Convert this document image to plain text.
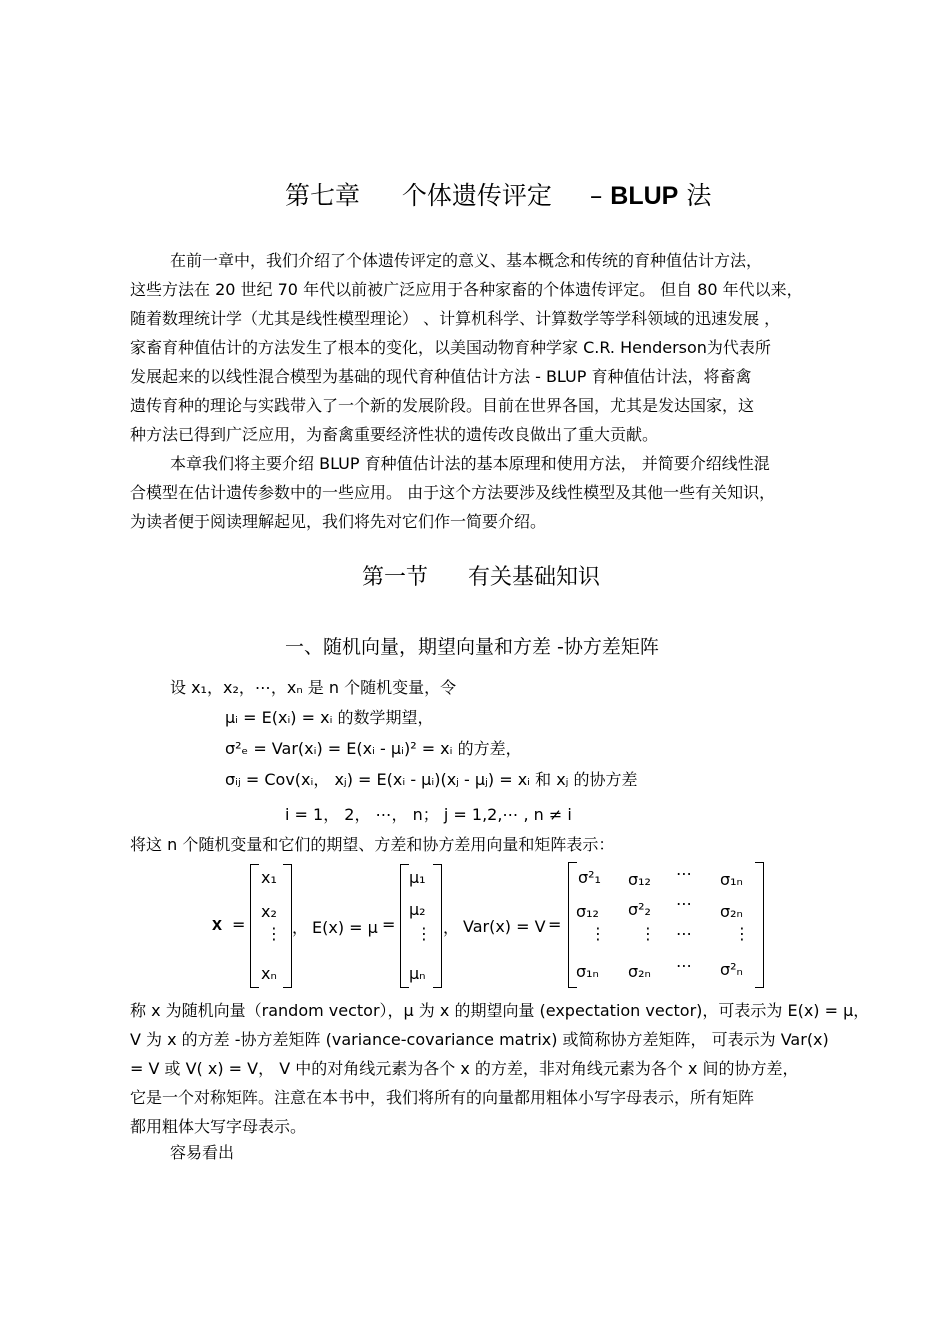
第七章 个体遗传评定 – BLUP 法
在前一章中，我们介绍了个体遗传评定的意义、基本概念和传统的育种值估计方法，
这些方法在 20 世纪 70 年代以前被广泛应用于各种家畜的个体遗传评定。 但自 80 年代以来，
随着数理统计学（尤其是线性模型理论） 、计算机科学、计算数学等学科领域的迅速发展 ，
家畜育种值估计的方法发生了根本的变化，以美国动物育种学家 C.R. Henderson为代表所
发展起来的以线性混合模型为基础的现代育种值估计方法 - BLUP 育种值估计法，将畜禽
遗传育种的理论与实践带入了一个新的发展阶段。目前在世界各国，尤其是发达国家，这
种方法已得到广泛应用，为畜禽重要经济性状的遗传改良做出了重大贡献。
本章我们将主要介绍 BLUP 育种值估计法的基本原理和使用方法， 并简要介绍线性混
合模型在估计遗传参数中的一些应用。 由于这个方法要涉及线性模型及其他一些有关知识，
为读者便于阅读理解起见，我们将先对它们作一简要介绍。
第一节 有关基础知识
一、随机向量，期望向量和方差 -协方差矩阵
设 x₁，x₂，⋯，xₙ 是 n 个随机变量，令
μᵢ = E(xᵢ) = xᵢ 的数学期望，
σ²ₑ = Var(xᵢ) = E(xᵢ - μᵢ)² = xᵢ 的方差，
σᵢⱼ = Cov(xᵢ， xⱼ) = E(xᵢ - μᵢ)(xⱼ - μⱼ) = xᵢ 和 xⱼ 的协方差
i = 1， 2， ⋯， n； j = 1,2,⋯ , n ≠ i
将这 n 个随机变量和它们的期望、方差和协方差用向量和矩阵表示：
x =
x₁
x₂
⋮
xₙ
， E(x) = μ =
μ₁
μ₂
⋮
μₙ
， Var(x) = V =
σ²₁ σ₁₂ ⋯ σ₁ₙ
σ₁₂ σ²₂ ⋯ σ₂ₙ
⋮ ⋮ ⋯	⋮
σ₁ₙ σ₂ₙ ⋯ σ²ₙ
称 x 为随机向量（random vector），μ 为 x 的期望向量 (expectation vector)，可表示为 E(x) = μ，
V 为 x 的方差 -协方差矩阵 (variance-covariance matrix) 或简称协方差矩阵， 可表示为 Var(x)
= V 或 V( x) = V， V 中的对角线元素为各个 x 的方差，非对角线元素为各个 x 间的协方差，
它是一个对称矩阵。注意在本书中，我们将所有的向量都用粗体小写字母表示，所有矩阵
都用粗体大写字母表示。
容易看出
